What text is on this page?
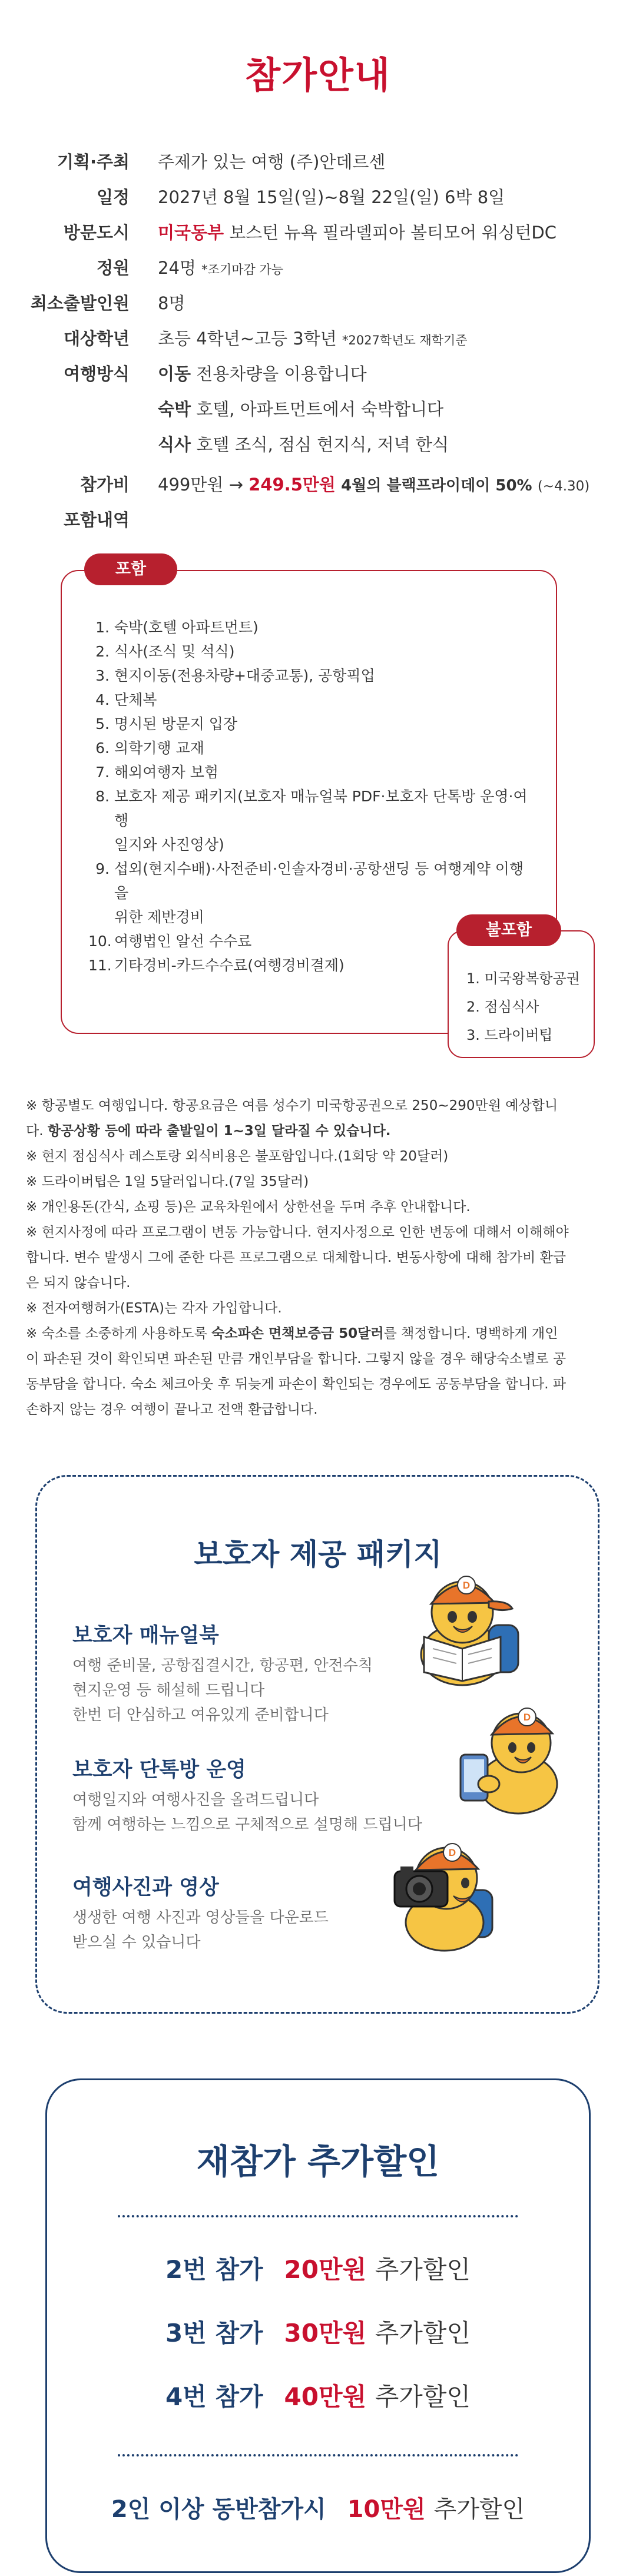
참가안내
기획·주최 주제가 있는 여행 (주)안데르센
일정 2027년 8월 15일(일)~8월 22일(일) 6박 8일
방문도시 미국동부 보스턴 뉴욕 필라델피아 볼티모어 워싱턴DC
정원 24명 *조기마감 가능
최소출발인원 8명
대상학년 초등 4학년~고등 3학년 *2027학년도 재학기준
여행방식 이동 전용차량을 이용합니다
숙박 호텔, 아파트먼트에서 숙박합니다
식사 호텔 조식, 점심 현지식, 저녁 한식
참가비 499만원 → 249.5만원 4월의 블랙프라이데이 50% (~4.30)
포함내역
포함
1. 숙박(호텔 아파트먼트)
2. 식사(조식 및 석식)
3. 현지이동(전용차량+대중교통), 공항픽업
4. 단체복
5. 명시된 방문지 입장
6. 의학기행 교재
7. 해외여행자 보험
8. 보호자 제공 패키지(보호자 매뉴얼북 PDF·보호자 단톡방 운영·여행
일지와 사진영상)
9. 섭외(현지수배)·사전준비·인솔자경비·공항샌딩 등 여행계약 이행을
위한 제반경비
10. 여행법인 알선 수수료
11. 기타경비-카드수수료(여행경비결제)
불포함
1. 미국왕복항공권
2. 점심식사
3. 드라이버팁

※ 항공별도 여행입니다. 항공요금은 여름 성수기 미국항공권으로 250~290만원 예상합니

다. 항공상황 등에 따라 출발일이 1~3일 달라질 수 있습니다.

※ 현지 점심식사 레스토랑 외식비용은 불포함입니다.(1회당 약 20달러)

※ 드라이버팁은 1일 5달러입니다.(7일 35달러)

※ 개인용돈(간식, 쇼핑 등)은 교육차원에서 상한선을 두며 추후 안내합니다.

※ 현지사정에 따라 프로그램이 변동 가능합니다. 현지사정으로 인한 변동에 대해서 이해해야

합니다. 변수 발생시 그에 준한 다른 프로그램으로 대체합니다. 변동사항에 대해 참가비 환급

은 되지 않습니다.

※ 전자여행허가(ESTA)는 각자 가입합니다.

※ 숙소를 소중하게 사용하도록 숙소파손 면책보증금 50달러를 책정합니다. 명백하게 개인

이 파손된 것이 확인되면 파손된 만큼 개인부담을 합니다. 그렇지 않을 경우 해당숙소별로 공

동부담을 합니다. 숙소 체크아웃 후 뒤늦게 파손이 확인되는 경우에도 공동부담을 합니다. 파

손하지 않는 경우 여행이 끝나고 전액 환급합니다.

보호자 제공 패키지
보호자 매뉴얼북
여행 준비물, 공항집결시간, 항공편, 안전수칙
현지운영 등 해설해 드립니다
한번 더 안심하고 여유있게 준비합니다
보호자 단톡방 운영
여행일지와 여행사진을 올려드립니다
함께 여행하는 느낌으로 구체적으로 설명해 드립니다
여행사진과 영상
생생한 여행 사진과 영상들을 다운로드
받으실 수 있습니다
D
D
D
재참가 추가할인
2번 참가 20만원 추가할인
3번 참가 30만원 추가할인
4번 참가 40만원 추가할인
2인 이상 동반참가시 10만원 추가할인
